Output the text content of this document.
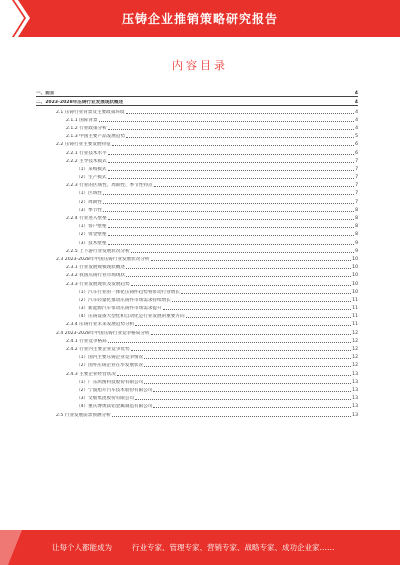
压铸企业推销策略研究报告
内容目录
一、前言	4
二、2023-2028年压铸行业发展现状概述	4
2.1 压铸行业背景及主要政策环境	4
2.1.1 国际背景	4
2.1.2 行业政策分析	4
2.1.3 中国主要产品发展趋势	5
2.2 压铸行业主要发展特征	6
2.2.1 行业技术水平	6
2.2.2 主导技术模式	7
（1）采购模式	7
（2）生产模式	7
2.2.3 行业的区域性、周期性、季节性特点	7
（1）区域性	7
（2）周期性	7
（3）季节性	8
2.2.4 行业进入壁垒	8
（1）客户壁垒	8
（2）资金壁垒	8
（3）技术壁垒	9
2.2.5 上下游行业发展状况分析	9
2.3 2023-2028年中国压铸行业发展状况分析	10
2.3.1 行业发展规模现状概述	10
2.3.2 我国压铸行业市场现状	10
2.3.3 行业发展现状及发展趋势	10
（1）汽车行业的一体化压铸件趋势将带动行业增长	10
（2）汽车轻量化推动压铸件市场需求持续增长	11
（3）新能源汽车带动压铸件市场需求提升	11
（4）压铸设备大型化和自动化是行业发展的重要方向	11
2.3.4 压铸行业未来发展趋势分析	11
2.4 2023-2028年中国压铸行业竞争格局分析	12
2.4.1 行业竞争格局	12
2.4.2 行业内主要企业竞争优势	12
（1）国内主要压铸企业竞争情况	12
（2）国外压铸企业在华发展状况	12
2.4.3 主要企业经营状况	13
（1）广东鸿图科技股份有限公司	13
（2）宁波旭升汽车技术股份有限公司	13
（3）文灿集团股份有限公司	13
（4）重庆博奥镁铝金属制造有限公司	13
2.5 行业发展前景预测分析	13
让每个人都能成为	行业专家、管理专家、营销专家、战略专家、成功企业家……
